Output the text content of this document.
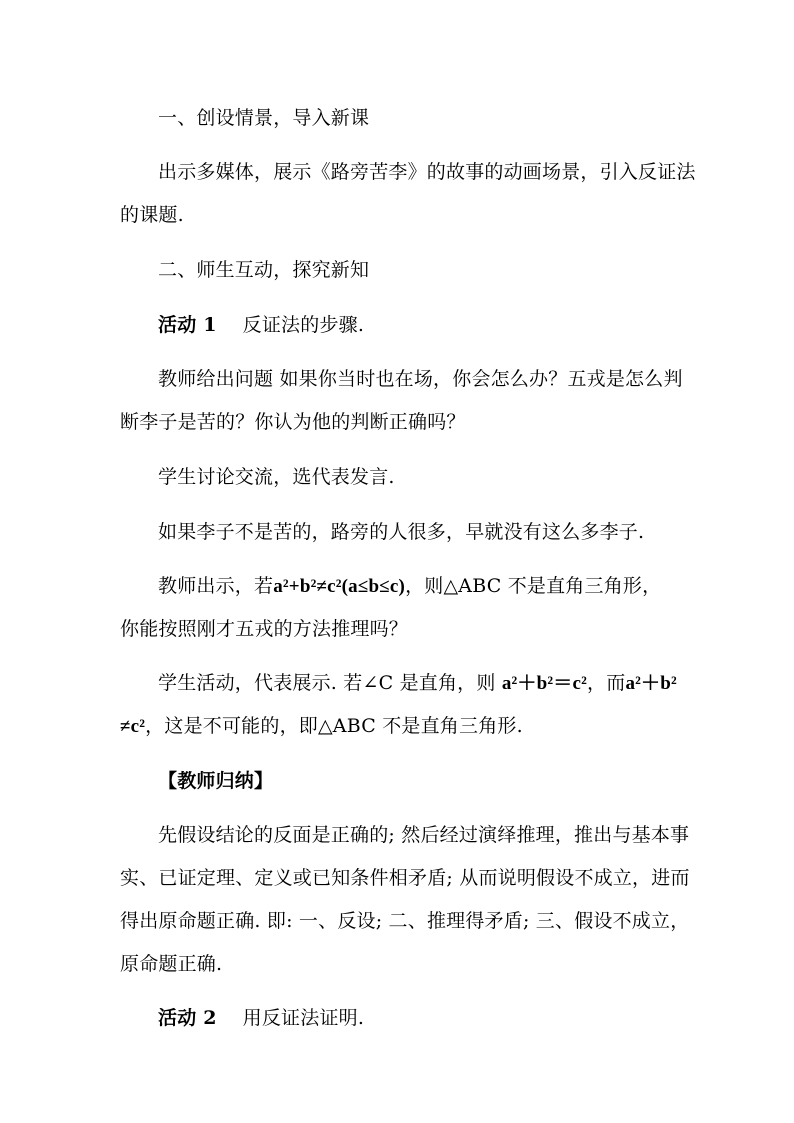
一、创设情景，导入新课
出示多媒体，展示《路旁苦李》的故事的动画场景，引入反证法
的课题.
二、师生互动，探究新知
活动 1 反证法的步骤.
教师给出问题 如果你当时也在场，你会怎么办？五戎是怎么判
断李子是苦的？你认为他的判断正确吗？
学生讨论交流，选代表发言.
如果李子不是苦的，路旁的人很多，早就没有这么多李子.
教师出示，若a²+b²≠c²(a≤b≤c)，则△ABC 不是直角三角形，
你能按照刚才五戎的方法推理吗？
学生活动，代表展示. 若∠C 是直角，则 a²＋b²＝c²，而a²＋b²
≠c²，这是不可能的，即△ABC 不是直角三角形.
【教师归纳】
先假设结论的反面是正确的; 然后经过演绎推理，推出与基本事
实、已证定理、定义或已知条件相矛盾; 从而说明假设不成立，进而
得出原命题正确. 即: 一、反设; 二、推理得矛盾; 三、假设不成立，
原命题正确.
活动 2 用反证法证明.
